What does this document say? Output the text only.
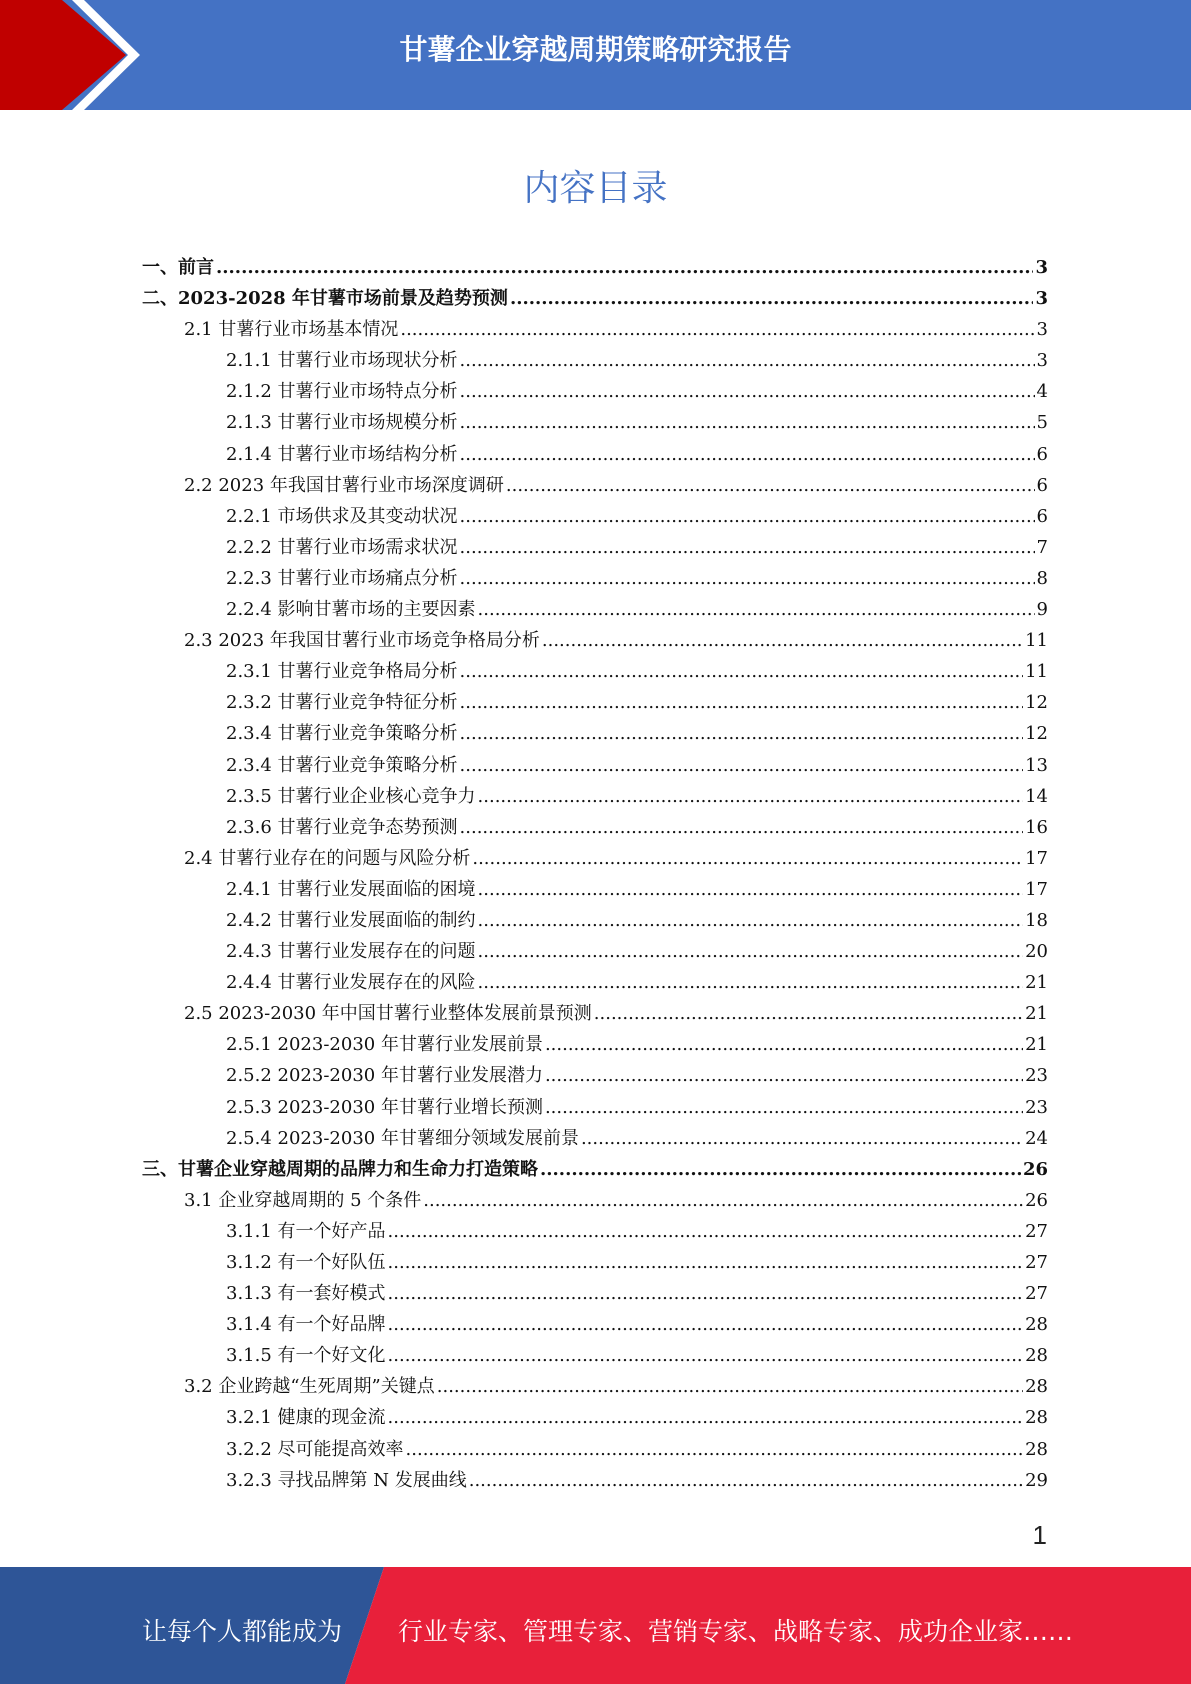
甘薯企业穿越周期策略研究报告
内容目录
一、前言 .....	3
二、2023-2028 年甘薯市场前景及趋势预测 .....	3
2.1 甘薯行业市场基本情况 .....	3
2.1.1 甘薯行业市场现状分析 .....	3
2.1.2 甘薯行业市场特点分析 .....	4
2.1.3 甘薯行业市场规模分析 .....	5
2.1.4 甘薯行业市场结构分析 .....	6
2.2 2023 年我国甘薯行业市场深度调研 .....	6
2.2.1 市场供求及其变动状况 .....	6
2.2.2 甘薯行业市场需求状况 .....	7
2.2.3 甘薯行业市场痛点分析 .....	8
2.2.4 影响甘薯市场的主要因素 .....	9
2.3 2023 年我国甘薯行业市场竞争格局分析 .....	11
2.3.1 甘薯行业竞争格局分析 .....	11
2.3.2 甘薯行业竞争特征分析 .....	12
2.3.4 甘薯行业竞争策略分析 .....	12
2.3.4 甘薯行业竞争策略分析 .....	13
2.3.5 甘薯行业企业核心竞争力 .....	14
2.3.6 甘薯行业竞争态势预测 .....	16
2.4 甘薯行业存在的问题与风险分析 .....	17
2.4.1 甘薯行业发展面临的困境 .....	17
2.4.2 甘薯行业发展面临的制约 .....	18
2.4.3 甘薯行业发展存在的问题 .....	20
2.4.4 甘薯行业发展存在的风险 .....	21
2.5 2023-2030 年中国甘薯行业整体发展前景预测 .....	21
2.5.1 2023-2030 年甘薯行业发展前景 .....	21
2.5.2 2023-2030 年甘薯行业发展潜力 .....	23
2.5.3 2023-2030 年甘薯行业增长预测 .....	23
2.5.4 2023-2030 年甘薯细分领域发展前景 .....	24
三、甘薯企业穿越周期的品牌力和生命力打造策略 .....	26
3.1 企业穿越周期的 5 个条件 .....	26
3.1.1 有一个好产品 .....	27
3.1.2 有一个好队伍 .....	27
3.1.3 有一套好模式 .....	27
3.1.4 有一个好品牌 .....	28
3.1.5 有一个好文化 .....	28
3.2 企业跨越“生死周期”关键点 .....	28
3.2.1 健康的现金流 .....	28
3.2.2 尽可能提高效率 .....	28
3.2.3 寻找品牌第 N 发展曲线 .....	29
1
让每个人都能成为 行业专家、管理专家、营销专家、战略专家、成功企业家……
